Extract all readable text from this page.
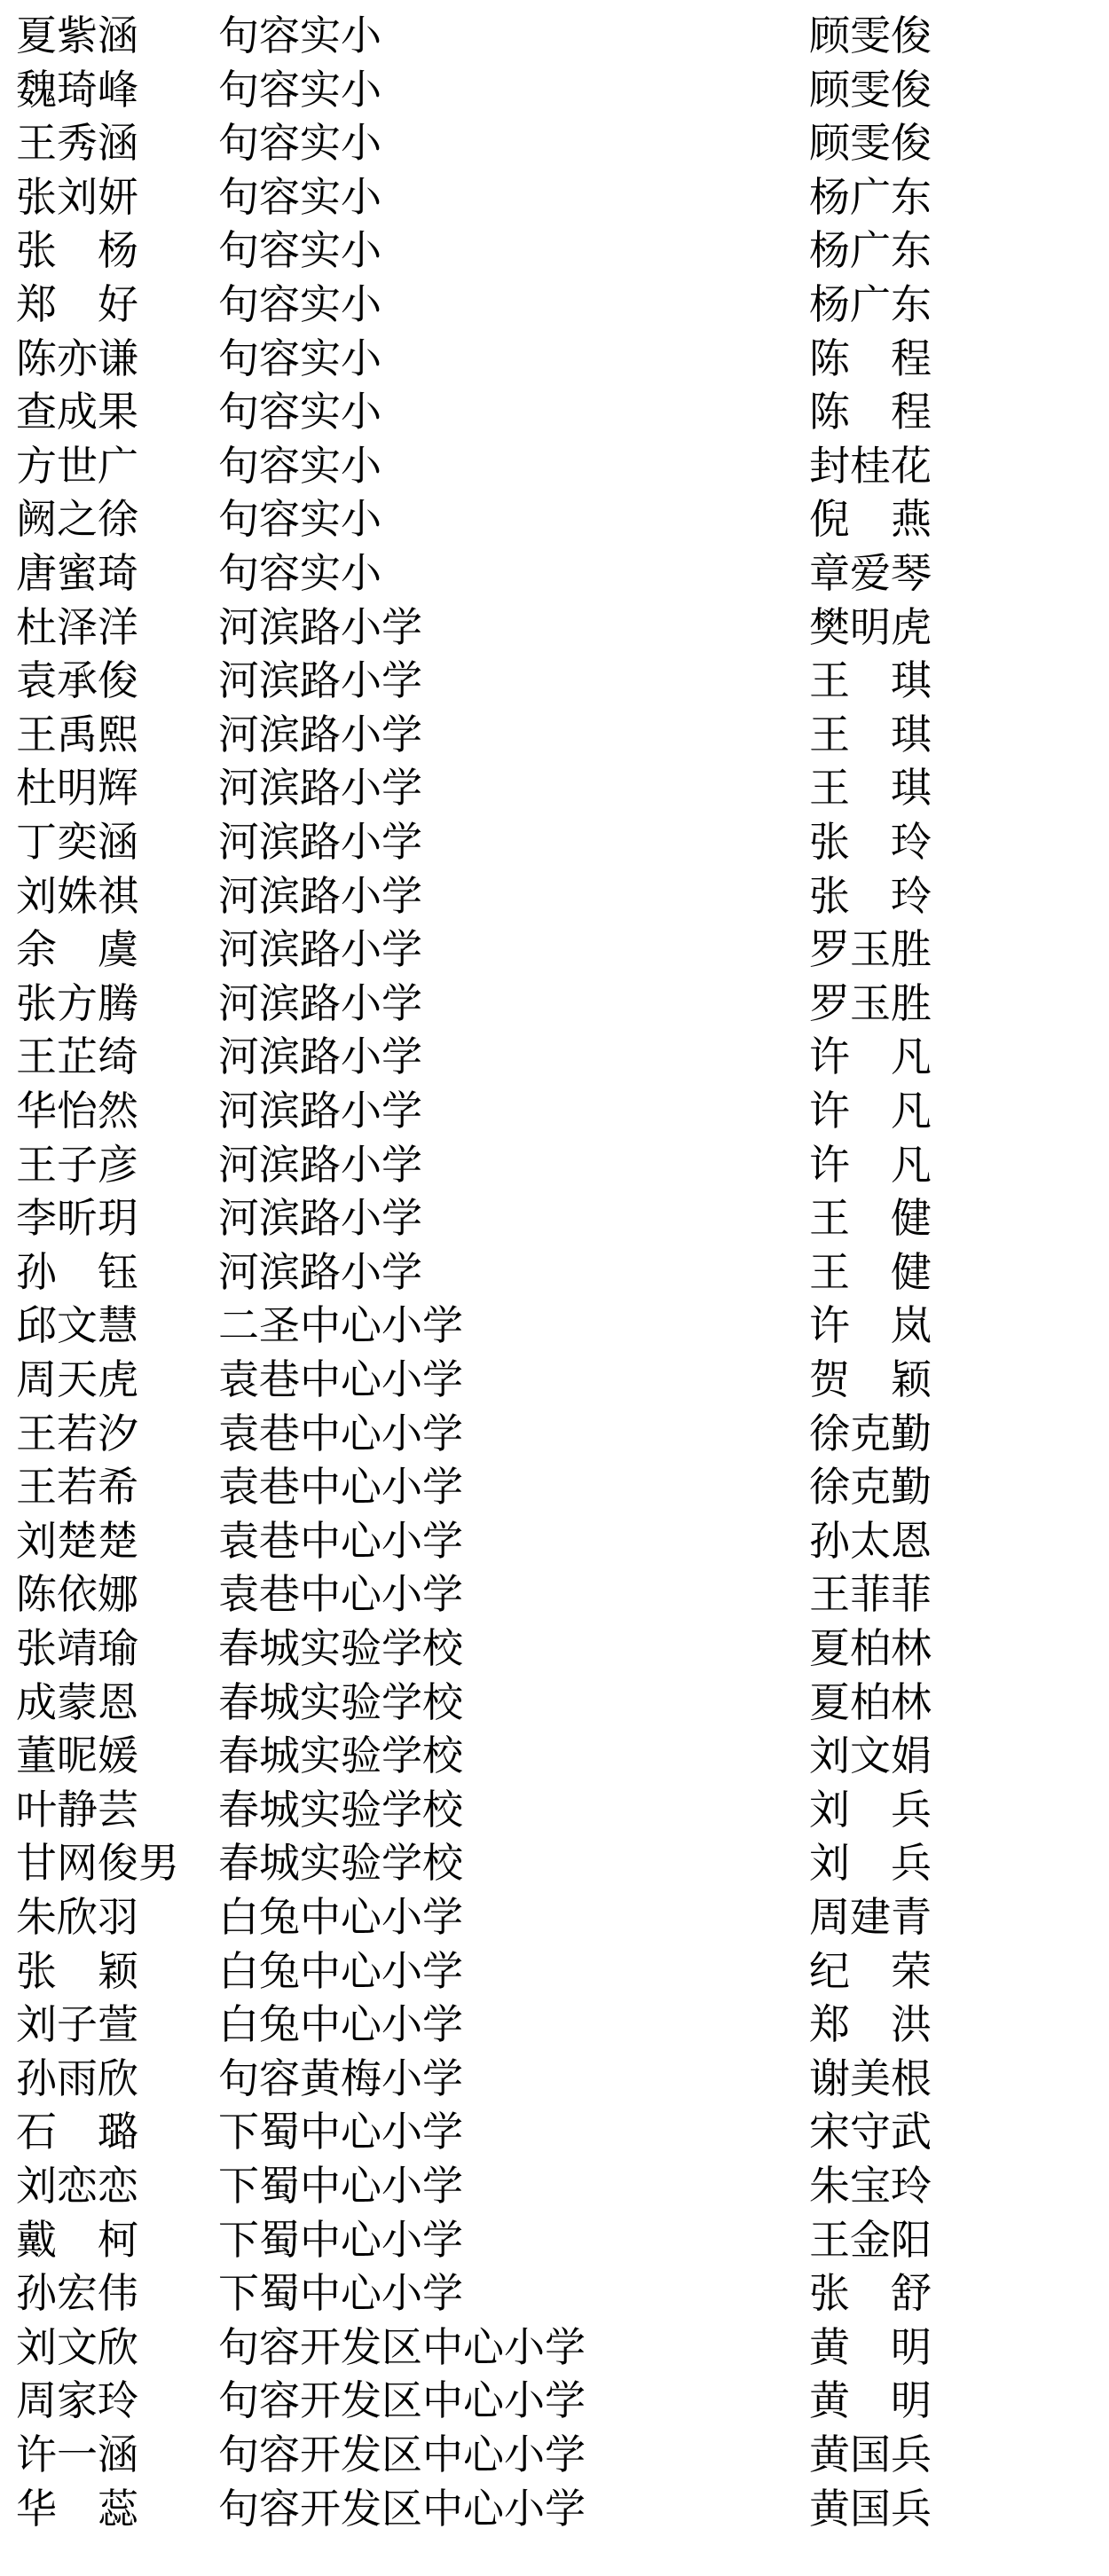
夏紫涵 句容实小	顾雯俊
魏琦峰 句容实小	顾雯俊
王秀涵 句容实小	顾雯俊
张刘妍 句容实小	杨广东
张　杨 句容实小	杨广东
郑　好 句容实小	杨广东
陈亦谦 句容实小	陈　程
查成果 句容实小	陈　程
方世广 句容实小	封桂花
阙之徐 句容实小	倪　燕
唐蜜琦 句容实小	章爱琴
杜泽洋 河滨路小学	樊明虎
袁承俊 河滨路小学	王　琪
王禹熙 河滨路小学	王　琪
杜明辉 河滨路小学	王　琪
丁奕涵 河滨路小学	张　玲
刘姝祺 河滨路小学	张　玲
余　虞 河滨路小学	罗玉胜
张方腾 河滨路小学	罗玉胜
王芷绮 河滨路小学	许　凡
华怡然 河滨路小学	许　凡
王子彦 河滨路小学	许　凡
李昕玥 河滨路小学	王　健
孙　钰 河滨路小学	王　健
邱文慧 二圣中心小学	许　岚
周天虎 袁巷中心小学	贺　颖
王若汐 袁巷中心小学	徐克勤
王若希 袁巷中心小学	徐克勤
刘楚楚 袁巷中心小学	孙太恩
陈依娜 袁巷中心小学	王菲菲
张靖瑜 春城实验学校	夏柏林
成蒙恩 春城实验学校	夏柏林
董昵媛 春城实验学校	刘文娟
叶静芸 春城实验学校	刘　兵
甘网俊男 春城实验学校	刘　兵
朱欣羽 白兔中心小学	周建青
张　颖 白兔中心小学	纪　荣
刘子萱 白兔中心小学	郑　洪
孙雨欣 句容黄梅小学	谢美根
石　璐 下蜀中心小学	宋守武
刘恋恋 下蜀中心小学	朱宝玲
戴　柯 下蜀中心小学	王金阳
孙宏伟 下蜀中心小学	张　舒
刘文欣 句容开发区中心小学	黄　明
周家玲 句容开发区中心小学	黄　明
许一涵 句容开发区中心小学	黄国兵
华　蕊 句容开发区中心小学	黄国兵
